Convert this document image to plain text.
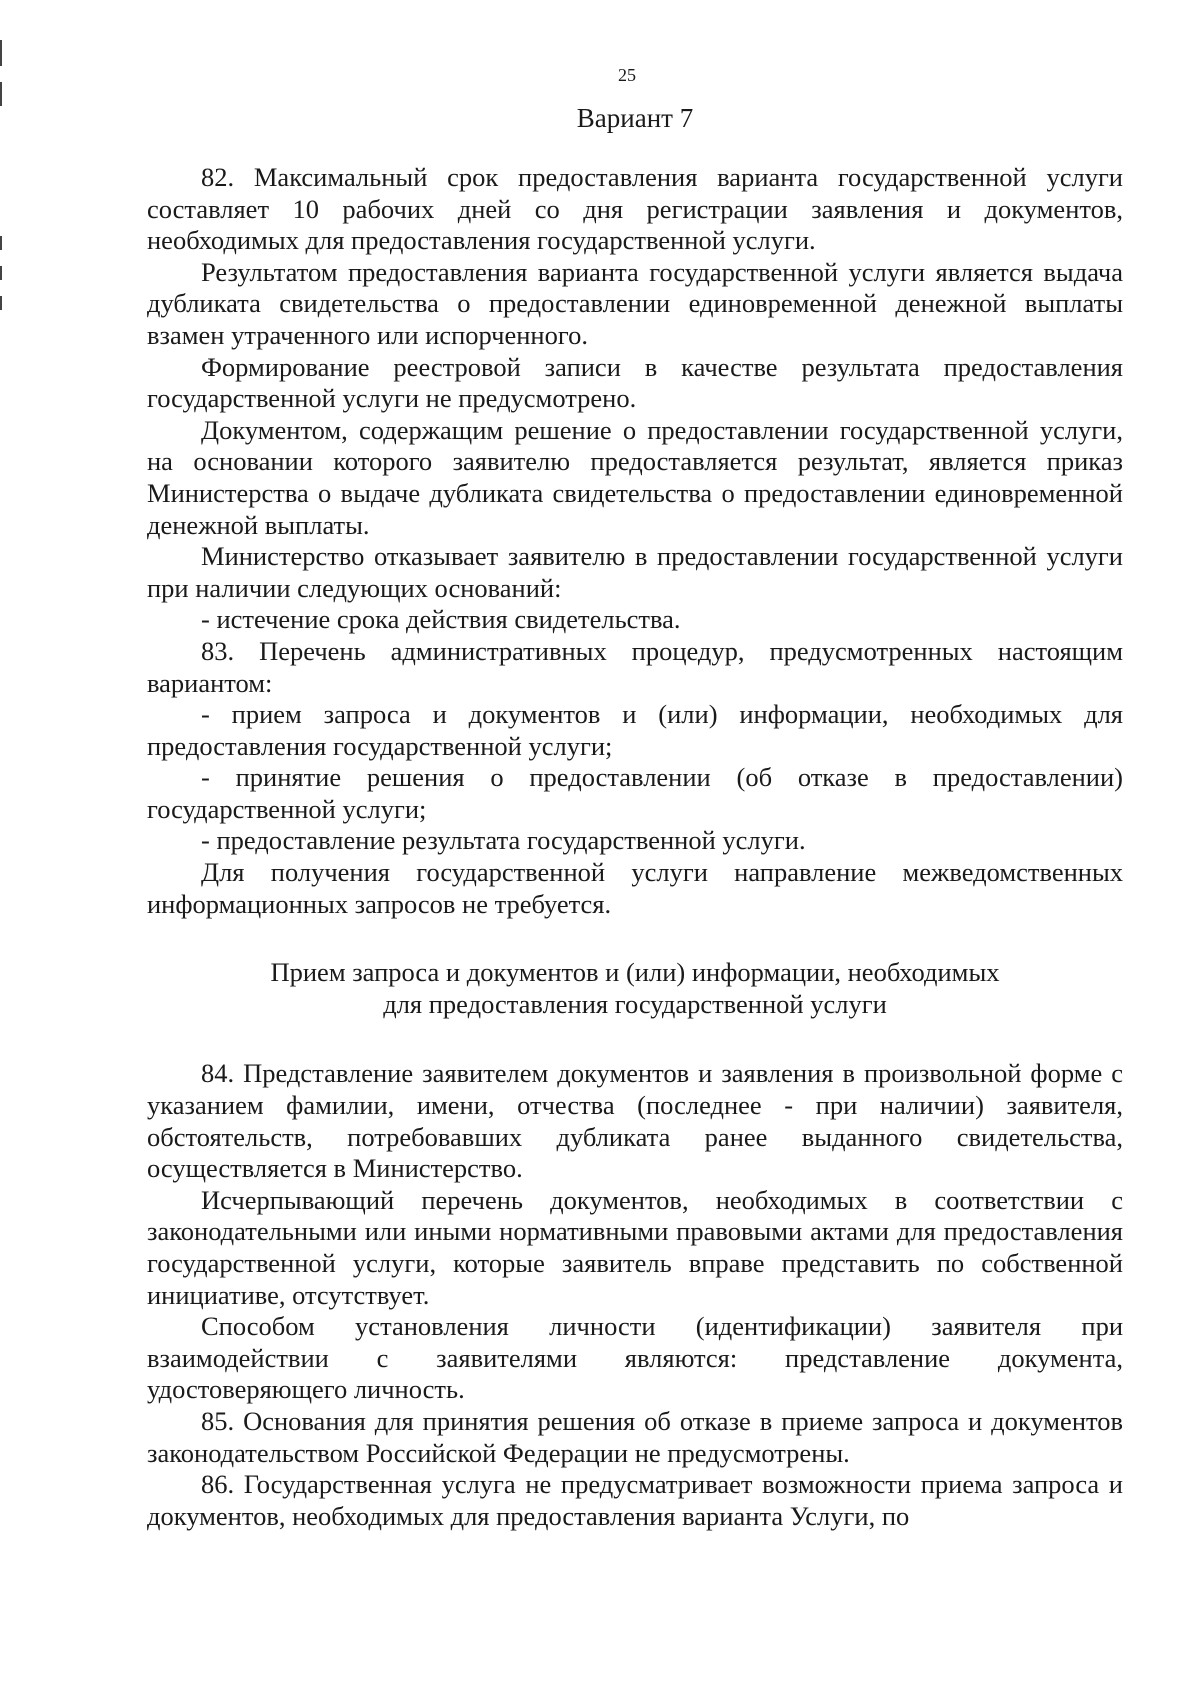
25

Вариант 7

82. Максимальный срок предоставления варианта государственной услуги составляет 10 рабочих дней со дня регистрации заявления и документов, необходимых для предоставления государственной услуги.

Результатом предоставления варианта государственной услуги является выдача дубликата свидетельства о предоставлении единовременной денежной выплаты взамен утраченного или испорченного.

Формирование реестровой записи в качестве результата предоставления государственной услуги не предусмотрено.

Документом, содержащим решение о предоставлении государственной услуги, на основании которого заявителю предоставляется результат, является приказ Министерства о выдаче дубликата свидетельства о предоставлении единовременной денежной выплаты.

Министерство отказывает заявителю в предоставлении государственной услуги при наличии следующих оснований:

- истечение срока действия свидетельства.

83. Перечень административных процедур, предусмотренных настоящим вариантом:

- прием запроса и документов и (или) информации, необходимых для предоставления государственной услуги;

- принятие решения о предоставлении (об отказе в предоставлении) государственной услуги;

- предоставление результата государственной услуги.

Для получения государственной услуги направление межведомственных информационных запросов не требуется.

Прием запроса и документов и (или) информации, необходимых
для предоставления государственной услуги

84. Представление заявителем документов и заявления в произвольной форме с указанием фамилии, имени, отчества (последнее - при наличии) заявителя, обстоятельств, потребовавших дубликата ранее выданного свидетельства, осуществляется в Министерство.

Исчерпывающий перечень документов, необходимых в соответствии с законодательными или иными нормативными правовыми актами для предоставления государственной услуги, которые заявитель вправе представить по собственной инициативе, отсутствует.

Способом установления личности (идентификации) заявителя при взаимодействии с заявителями являются: представление документа, удостоверяющего личность.

85. Основания для принятия решения об отказе в приеме запроса и документов законодательством Российской Федерации не предусмотрены.

86. Государственная услуга не предусматривает возможности приема запроса и документов, необходимых для предоставления варианта Услуги, по
